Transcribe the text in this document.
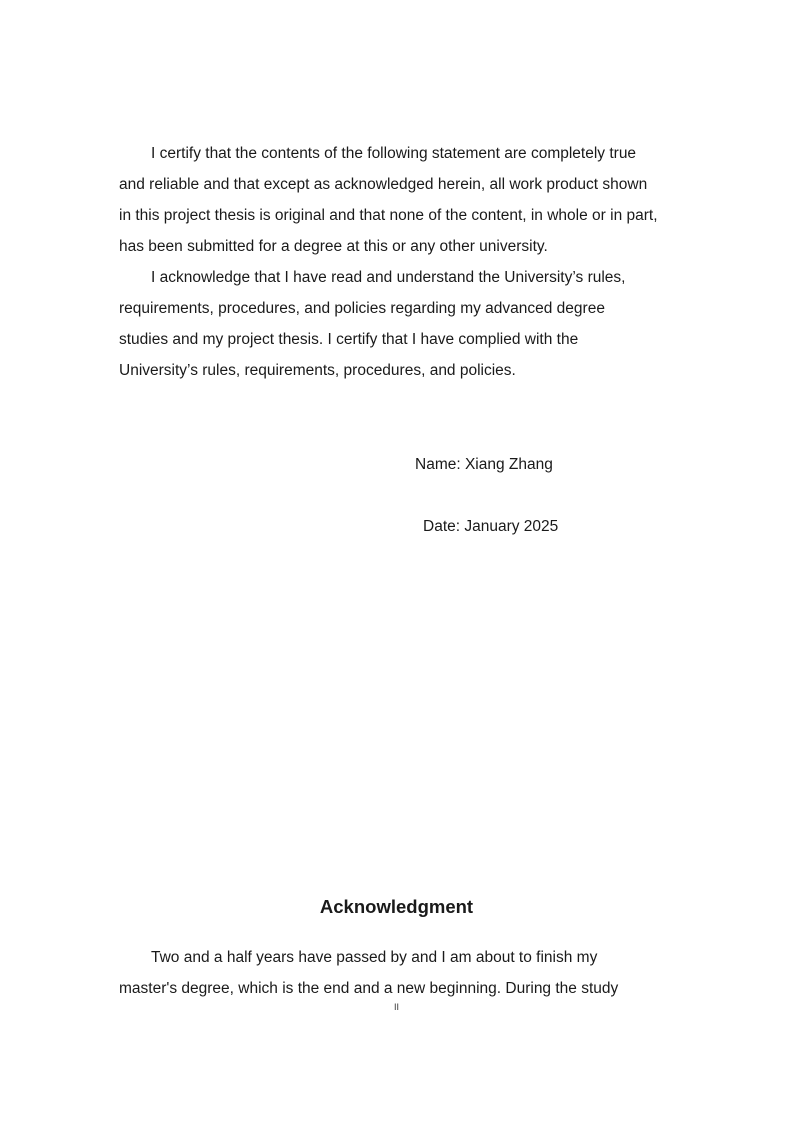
I certify that the contents of the following statement are completely true
and reliable and that except as acknowledged herein, all work product shown
in this project thesis is original and that none of the content, in whole or in part,
has been submitted for a degree at this or any other university.

I acknowledge that I have read and understand the University’s rules,
requirements, procedures, and policies regarding my advanced degree
studies and my project thesis. I certify that I have complied with the
University’s rules, requirements, procedures, and policies.

Name: Xiang Zhang

Date: January 2025

Acknowledgment

Two and a half years have passed by and I am about to finish my
master's degree, which is the end and a new beginning. During the study

II
